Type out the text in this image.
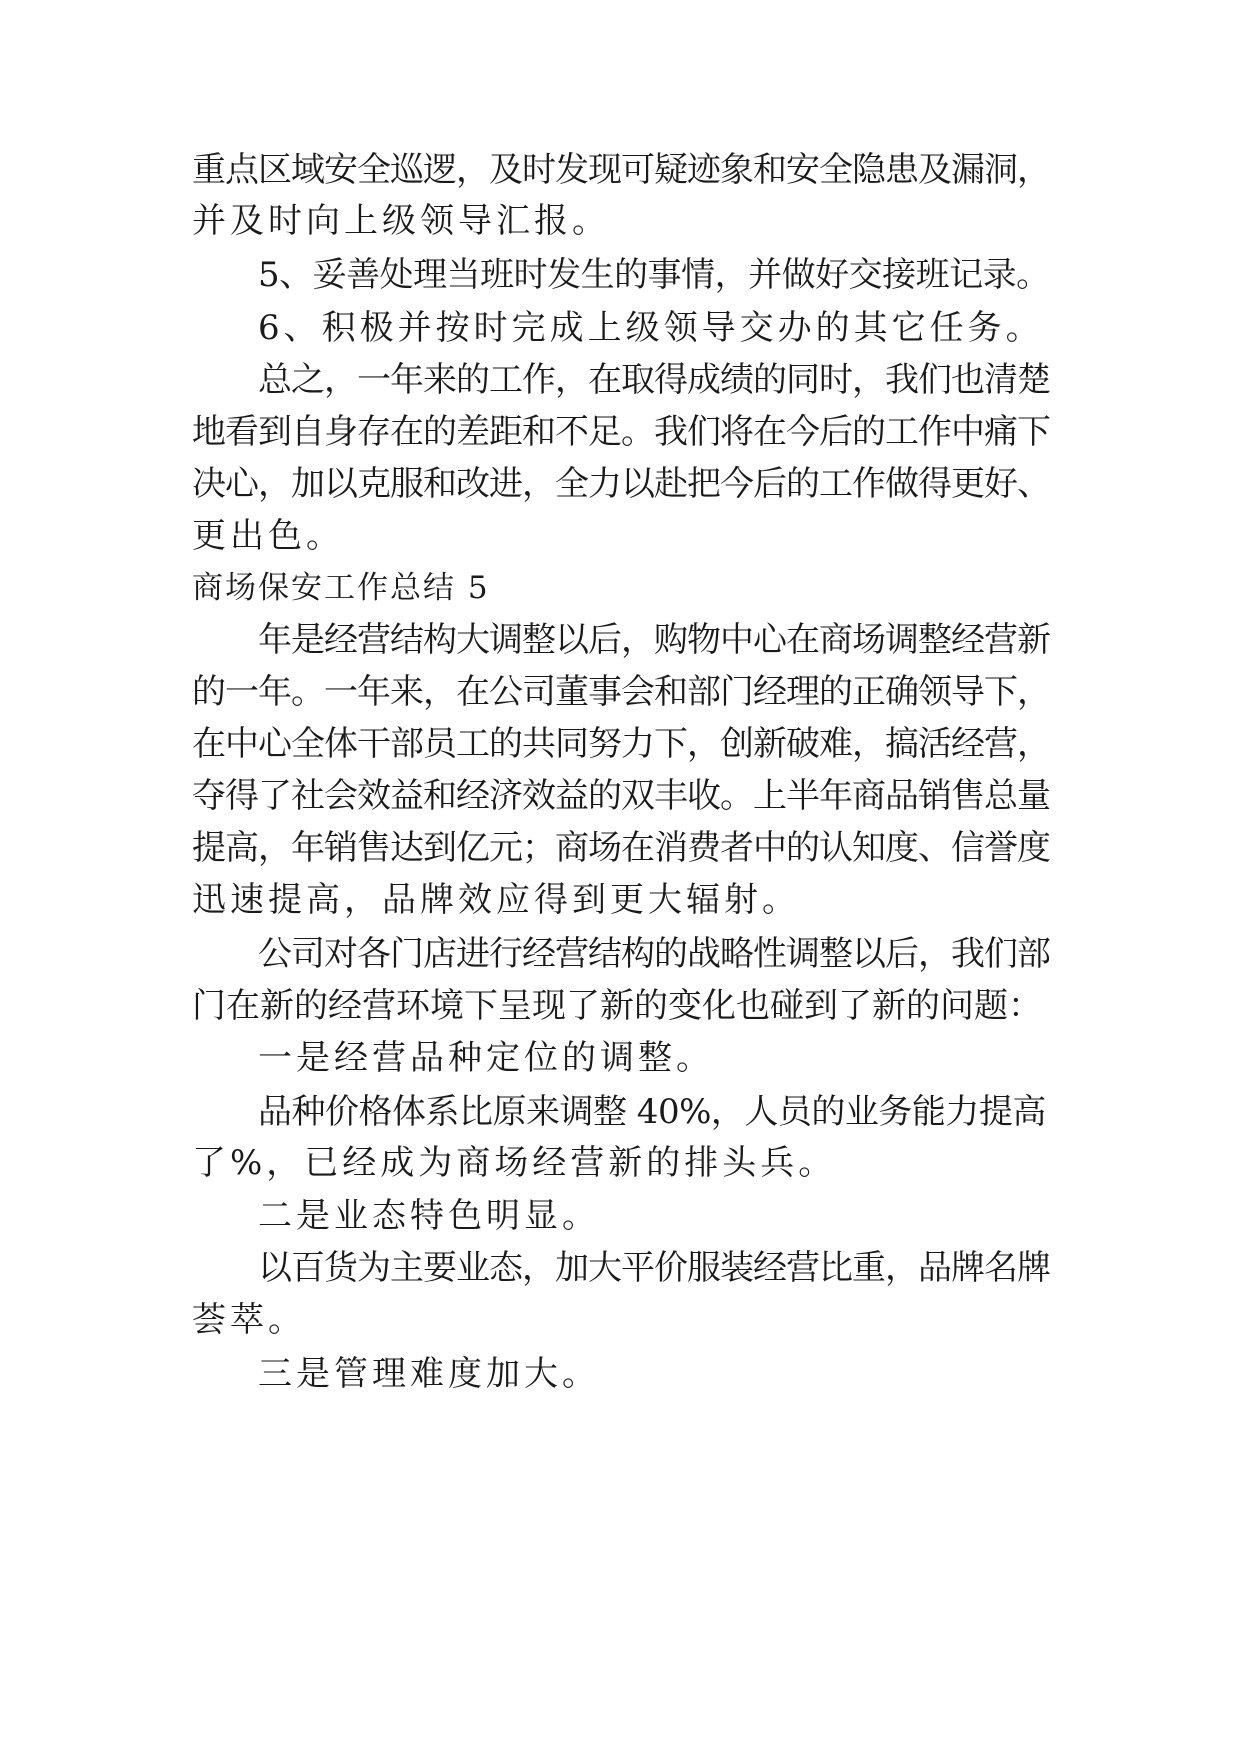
重点区域安全巡逻，及时发现可疑迹象和安全隐患及漏洞，

并及时向上级领导汇报。

5、妥善处理当班时发生的事情，并做好交接班记录。

6、积极并按时完成上级领导交办的其它任务。

总之，一年来的工作，在取得成绩的同时，我们也清楚

地看到自身存在的差距和不足。我们将在今后的工作中痛下

决心，加以克服和改进，全力以赴把今后的工作做得更好、

更出色。

商场保安工作总结 5

年是经营结构大调整以后，购物中心在商场调整经营新

的一年。一年来，在公司董事会和部门经理的正确领导下，

在中心全体干部员工的共同努力下，创新破难，搞活经营，

夺得了社会效益和经济效益的双丰收。上半年商品销售总量

提高，年销售达到亿元；商场在消费者中的认知度、信誉度

迅速提高，品牌效应得到更大辐射。

公司对各门店进行经营结构的战略性调整以后，我们部

门在新的经营环境下呈现了新的变化也碰到了新的问题：

一是经营品种定位的调整。

品种价格体系比原来调整 40%，人员的业务能力提高

了%，已经成为商场经营新的排头兵。

二是业态特色明显。

以百货为主要业态，加大平价服装经营比重，品牌名牌

荟萃。

三是管理难度加大。
